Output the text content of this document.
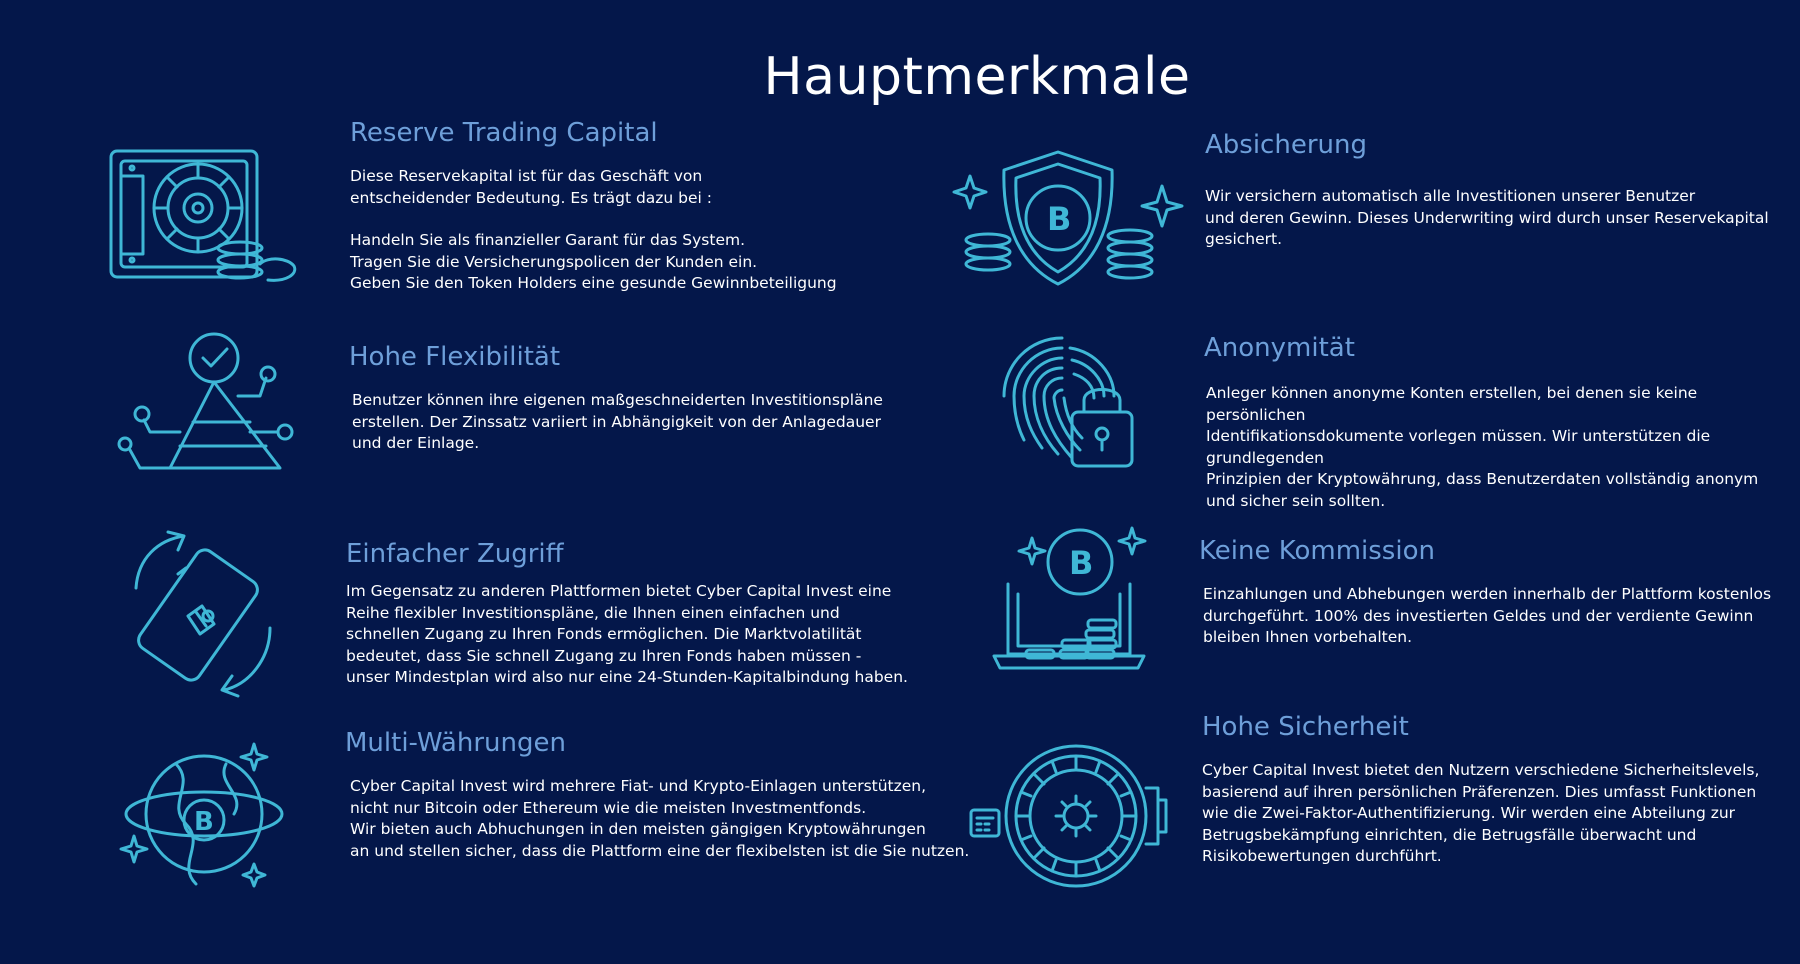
Hauptmerkmale
B
B
B
Reserve Trading Capital

Diese Reservekapital ist für das Geschäft von
entscheidender Bedeutung. Es trägt dazu bei :

Handeln Sie als finanzieller Garant für das System.
Tragen Sie die Versicherungspolicen der Kunden ein.
Geben Sie den Token Holders eine gesunde Gewinnbeteiligung

Hohe Flexibilität

Benutzer können ihre eigenen maßgeschneiderten Investitionspläne
erstellen. Der Zinssatz variiert in Abhängigkeit von der Anlagedauer
und der Einlage.

Einfacher Zugriff

Im Gegensatz zu anderen Plattformen bietet Cyber Capital Invest eine
Reihe flexibler Investitionspläne, die Ihnen einen einfachen und
schnellen Zugang zu Ihren Fonds ermöglichen. Die Marktvolatilität
bedeutet, dass Sie schnell Zugang zu Ihren Fonds haben müssen -
unser Mindestplan wird also nur eine 24-Stunden-Kapitalbindung haben.

Multi-Währungen

Cyber Capital Invest wird mehrere Fiat- und Krypto-Einlagen unterstützen,
nicht nur Bitcoin oder Ethereum wie die meisten Investmentfonds.
Wir bieten auch Abhuchungen in den meisten gängigen Kryptowährungen
an und stellen sicher, dass die Plattform eine der flexibelsten ist die Sie nutzen.

Absicherung

Wir versichern automatisch alle Investitionen unserer Benutzer
und deren Gewinn. Dieses Underwriting wird durch unser Reservekapital
gesichert.

Anonymität

Anleger können anonyme Konten erstellen, bei denen sie keine persönlichen
Identifikationsdokumente vorlegen müssen. Wir unterstützen die grundlegenden
Prinzipien der Kryptowährung, dass Benutzerdaten vollständig anonym
und sicher sein sollten.

Keine Kommission

Einzahlungen und Abhebungen werden innerhalb der Plattform kostenlos
durchgeführt. 100% des investierten Geldes und der verdiente Gewinn
bleiben Ihnen vorbehalten.

Hohe Sicherheit

Cyber Capital Invest bietet den Nutzern verschiedene Sicherheitslevels,
basierend auf ihren persönlichen Präferenzen. Dies umfasst Funktionen
wie die Zwei-Faktor-Authentifizierung. Wir werden eine Abteilung zur
Betrugsbekämpfung einrichten, die Betrugsfälle überwacht und
Risikobewertungen durchführt.
